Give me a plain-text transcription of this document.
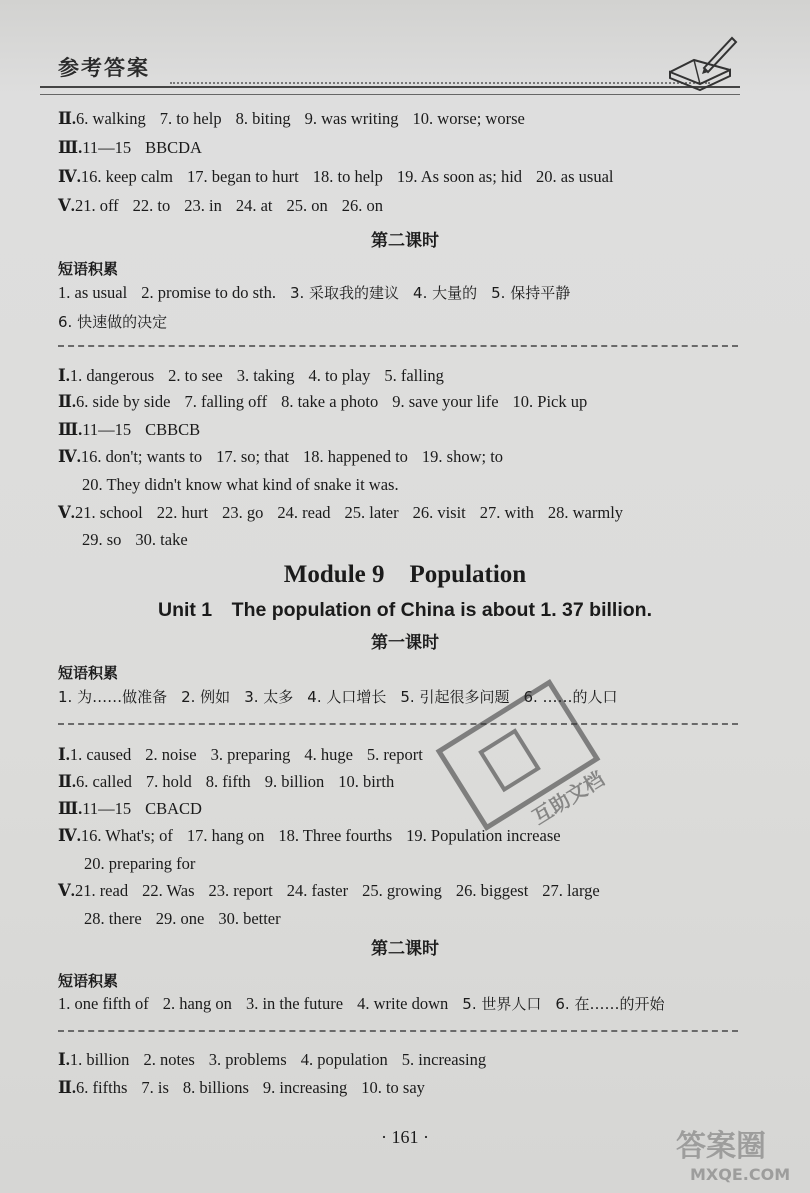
参考答案
Ⅱ.6. walking 7. to help 8. biting 9. was writing 10. worse; worse
Ⅲ.11—15 BBCDA
Ⅳ.16. keep calm 17. began to hurt 18. to help 19. As soon as; hid 20. as usual
Ⅴ.21. off 22. to 23. in 24. at 25. on 26. on
第二课时
短语积累
1. as usual 2. promise to do sth. 3. 采取我的建议 4. 大量的 5. 保持平静
6. 快速做的决定
Ⅰ.1. dangerous 2. to see 3. taking 4. to play 5. falling
Ⅱ.6. side by side 7. falling off 8. take a photo 9. save your life 10. Pick up
Ⅲ.11—15 CBBCB
Ⅳ.16. don't; wants to 17. so; that 18. happened to 19. show; to
20. They didn't know what kind of snake it was.
Ⅴ.21. school 22. hurt 23. go 24. read 25. later 26. visit 27. with 28. warmly
29. so 30. take
Module 9　Population
Unit 1　The population of China is about 1. 37 billion.
第一课时
短语积累
1. 为……做准备 2. 例如 3. 太多 4. 人口增长 5. 引起很多问题 6. ……的人口
Ⅰ.1. caused 2. noise 3. preparing 4. huge 5. report
Ⅱ.6. called 7. hold 8. fifth 9. billion 10. birth
Ⅲ.11—15 CBACD
Ⅳ.16. What's; of 17. hang on 18. Three fourths 19. Population increase
20. preparing for
Ⅴ.21. read 22. Was 23. report 24. faster 25. growing 26. biggest 27. large
28. there 29. one 30. better
第二课时
短语积累
1. one fifth of 2. hang on 3. in the future 4. write down 5. 世界人口 6. 在……的开始
Ⅰ.1. billion 2. notes 3. problems 4. population 5. increasing
Ⅱ.6. fifths 7. is 8. billions 9. increasing 10. to say
· 161 ·
互助文档
答案圈
MXQE.COM
